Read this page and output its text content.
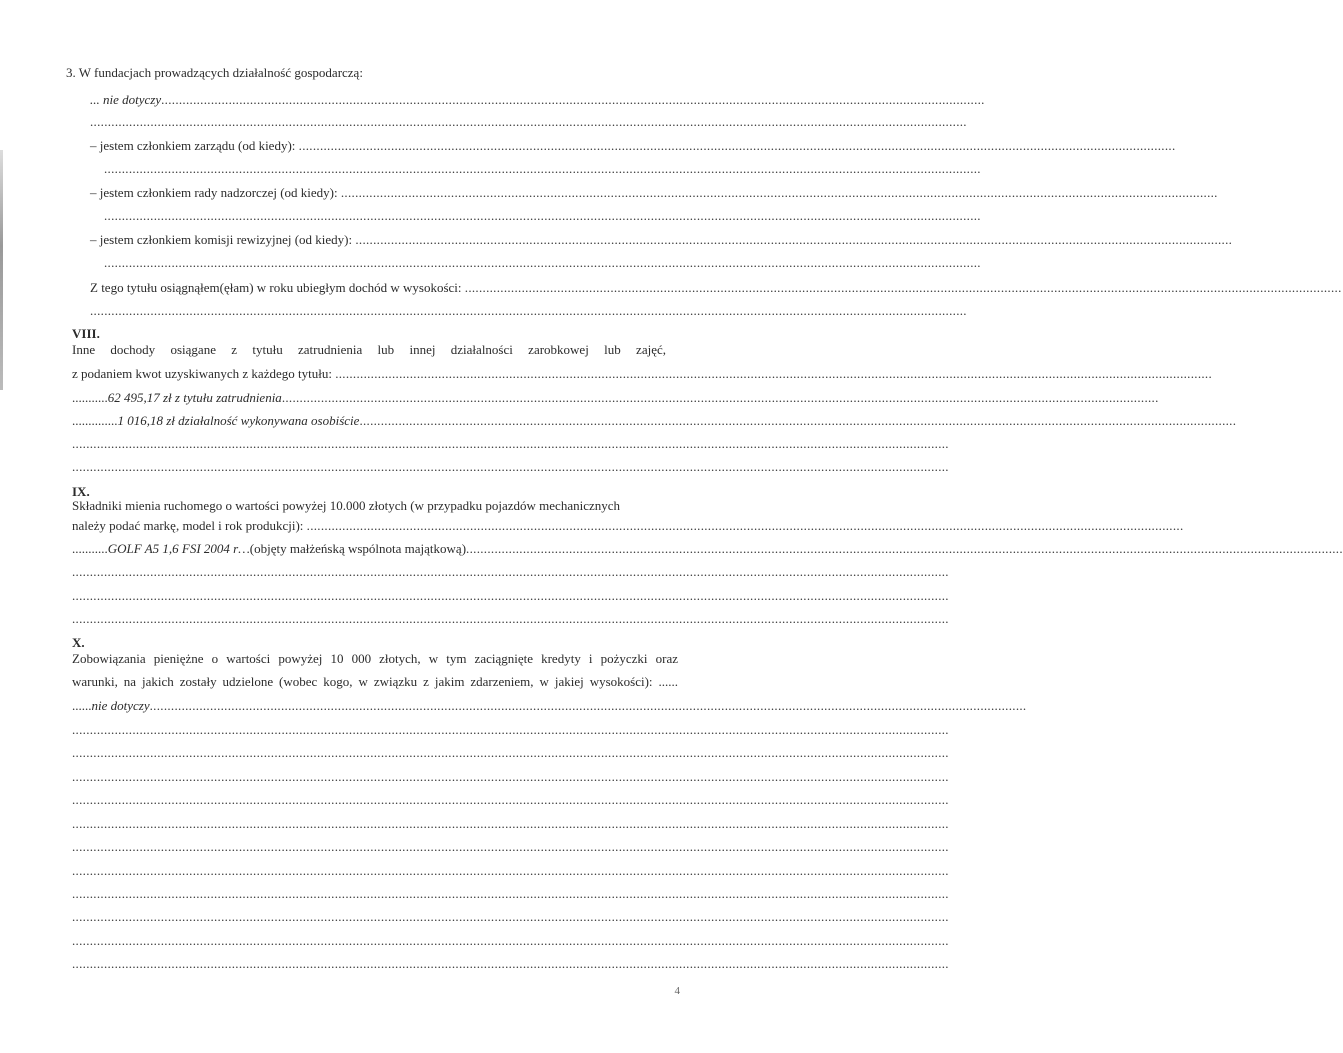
3. W fundacjach prowadzących działalność gospodarczą:
... nie dotyczy ........................................................................................................................................................................................................................................
.......................................................................................................................................................................................................................................................
– jestem członkiem zarządu (od kiedy):
.......................................................................................................................................................................................................................................................
.......................................................................................................................................................................................................................................................
– jestem członkiem rady nadzorczej (od kiedy):
.......................................................................................................................................................................................................................................................
.......................................................................................................................................................................................................................................................
– jestem członkiem komisji rewizyjnej (od kiedy):
.......................................................................................................................................................................................................................................................
.......................................................................................................................................................................................................................................................
Z tego tytułu osiągnąłem(ęłam) w roku ubiegłym dochód w wysokości:
.......................................................................................................................................................................................................................................................
.......................................................................................................................................................................................................................................................
VIII.
Inne dochody osiągane z tytułu zatrudnienia lub innej działalności zarobkowej lub zajęć,
z podaniem kwot uzyskiwanych z każdego tytułu:
.......................................................................................................................................................................................................................................................
........... 62 495,17 zł z tytułu zatrudnienia .......................................................................................................................................................................................................................................................
.............. 1 016,18 zł działalność wykonywana osobiście .......................................................................................................................................................................................................................................................
.......................................................................................................................................................................................................................................................
.......................................................................................................................................................................................................................................................
IX.
Składniki mienia ruchomego o wartości powyżej 10.000 złotych (w przypadku pojazdów mechanicznych
należy podać markę, model i rok produkcji):
.......................................................................................................................................................................................................................................................
........... GOLF A5 1,6 FSI 2004 r… (objęty małżeńską wspólnota majątkową) .......................................................................................................................................................................................................................................................
.......................................................................................................................................................................................................................................................
.......................................................................................................................................................................................................................................................
.......................................................................................................................................................................................................................................................
X.
Zobowiązania pieniężne o wartości powyżej 10 000 złotych, w tym zaciągnięte kredyty i pożyczki oraz
warunki, na jakich zostały udzielone (wobec kogo, w związku z jakim zdarzeniem, w jakiej wysokości): ......
...... nie dotyczy .......................................................................................................................................................................................................................................................
.......................................................................................................................................................................................................................................................
.......................................................................................................................................................................................................................................................
.......................................................................................................................................................................................................................................................
.......................................................................................................................................................................................................................................................
.......................................................................................................................................................................................................................................................
.......................................................................................................................................................................................................................................................
.......................................................................................................................................................................................................................................................
.......................................................................................................................................................................................................................................................
.......................................................................................................................................................................................................................................................
.......................................................................................................................................................................................................................................................
.......................................................................................................................................................................................................................................................
4
